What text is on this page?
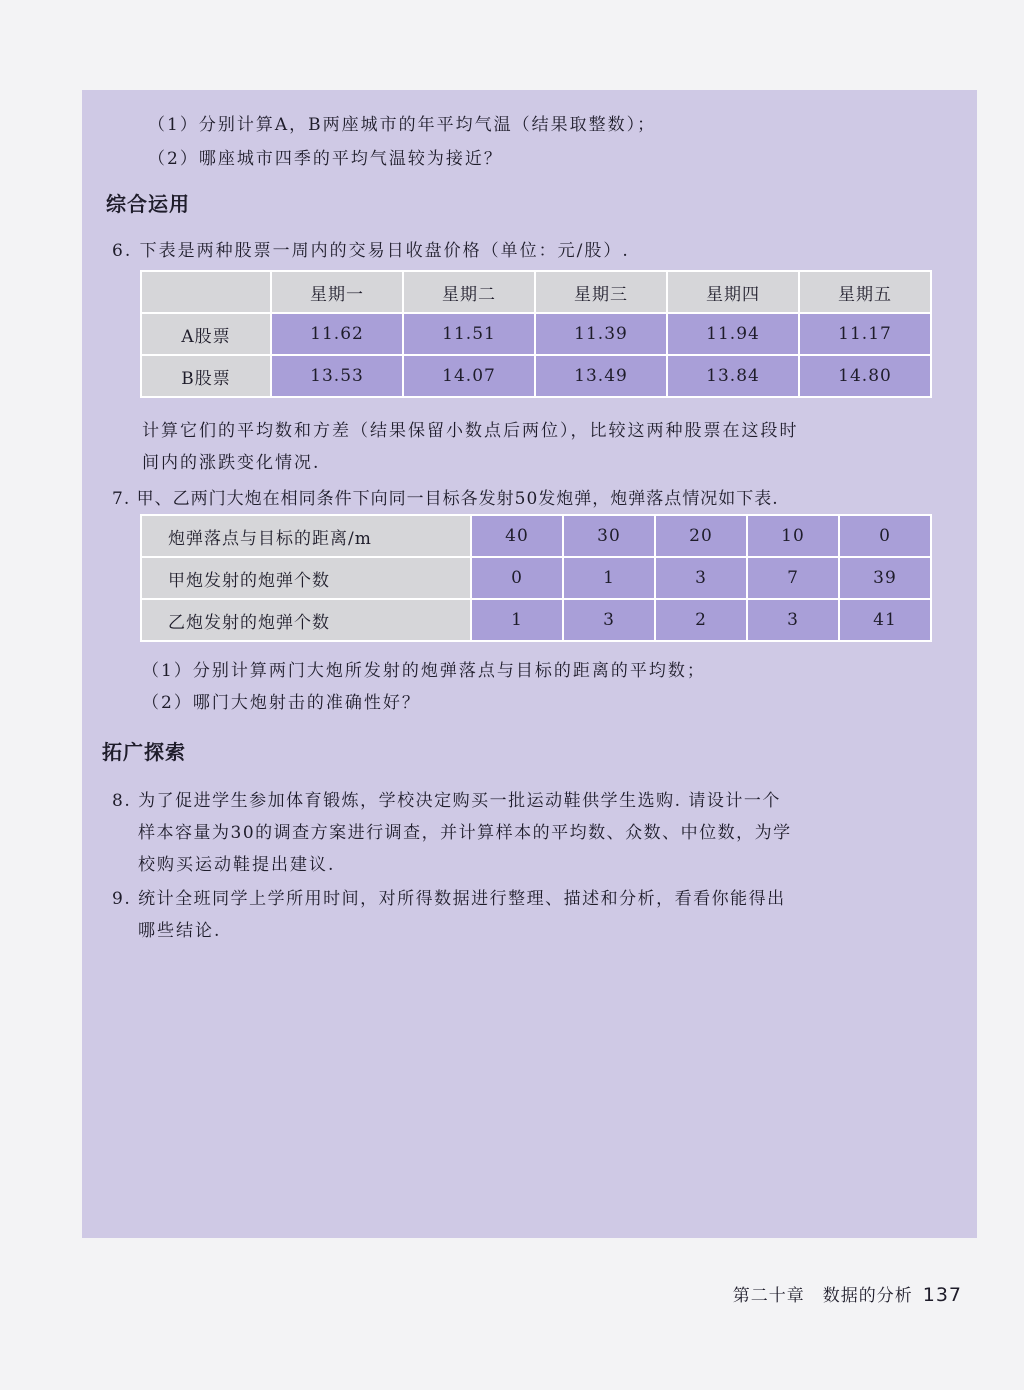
（1）分别计算A，B两座城市的年平均气温（结果取整数）；
（2）哪座城市四季的平均气温较为接近？
综合运用
6. 下表是两种股票一周内的交易日收盘价格（单位：元/股）.
	星期一	星期二	星期三	星期四	星期五
A股票	11.62	11.51	11.39	11.94	11.17
B股票	13.53	14.07	13.49	13.84	14.80
计算它们的平均数和方差（结果保留小数点后两位），比较这两种股票在这段时
间内的涨跌变化情况.
7. 甲、乙两门大炮在相同条件下向同一目标各发射50发炮弹，炮弹落点情况如下表.
炮弹落点与目标的距离/m	40	30	20	10	0
甲炮发射的炮弹个数	0	1	3	7	39
乙炮发射的炮弹个数	1	3	2	3	41
（1）分别计算两门大炮所发射的炮弹落点与目标的距离的平均数；
（2）哪门大炮射击的准确性好？
拓广探索
8. 为了促进学生参加体育锻炼，学校决定购买一批运动鞋供学生选购. 请设计一个
样本容量为30的调查方案进行调查，并计算样本的平均数、众数、中位数，为学
校购买运动鞋提出建议.
9. 统计全班同学上学所用时间，对所得数据进行整理、描述和分析，看看你能得出
哪些结论.
第二十章　数据的分析 137
